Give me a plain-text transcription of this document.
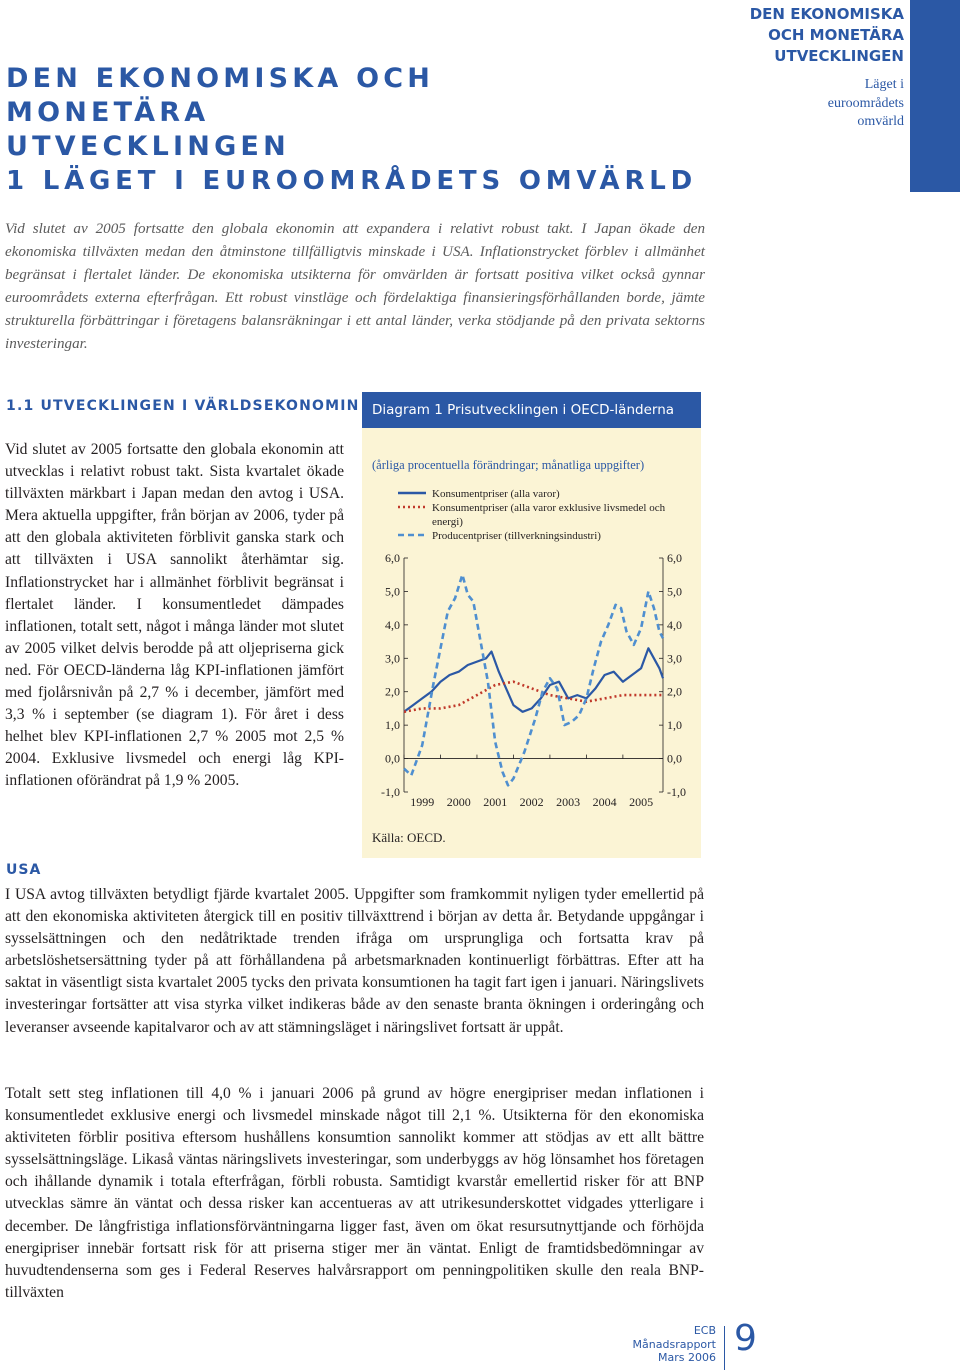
DEN EKONOMISKA OCH MONETÄRA
UTVECKLINGEN
DEN EKONOMISKA
OCH MONETÄRA
UTVECKLINGEN
Läget i
euroområdets
omvärld
1 LÄGET I EUROOMRÅDETS OMVÄRLD
Vid slutet av 2005 fortsatte den globala ekonomin att expandera i relativt robust takt. I Japan ökade den ekonomiska tillväxten medan den åtminstone tillfälligtvis minskade i USA. Inflationstrycket förblev i allmänhet begränsat i flertalet länder. De ekonomiska utsikterna för omvärlden är fortsatt positiva vilket också gynnar euroområdets externa efterfrågan. Ett robust vinstläge och fördelaktiga finansieringsförhållanden borde, jämte strukturella förbättringar i företagens balansräkningar i ett antal länder, verka stödjande på den privata sektorns investeringar.
1.1 UTVECKLINGEN I VÄRLDSEKONOMIN
Vid slutet av 2005 fortsatte den globala ekonomin att utvecklas i relativt robust takt. Sista kvartalet ökade tillväxten märkbart i Japan medan den avtog i USA. Mera aktuella uppgifter, från början av 2006, tyder på att den globala aktiviteten förblivit ganska stark och att tillväxten i USA sannolikt återhämtar sig. Inflationstrycket har i allmänhet förblivit begränsat i flertalet länder. I konsumentledet dämpades inflationen, totalt sett, något i många länder mot slutet av 2005 vilket delvis berodde på att oljepriserna gick ned. För OECD-länderna låg KPI-inflationen jämfört med fjolårsnivån på 2,7 % i december, jämfört med 3,3 % i september (se diagram 1). För året i dess helhet blev KPI-inflationen 2,7 % 2005 mot 2,5 % 2004. Exklusive livsmedel och energi låg KPI-inflationen oförändrat på 1,9 % 2005.
Diagram 1 Prisutvecklingen i OECD-länderna
(årliga procentuella förändringar; månatliga uppgifter)
Konsumentpriser (alla varor)
Konsumentpriser (alla varor exklusive livsmedel och
energi)
Producentpriser (tillverkningsindustri)
-1,0	-1,0
0,0	0,0
1,0	1,0
2,0	2,0
3,0	3,0
4,0	4,0
5,0	5,0
6,0	6,0
1999 2000 2001 2002 2003 2004 2005
Källa: OECD.
USA
I USA avtog tillväxten betydligt fjärde kvartalet 2005. Uppgifter som framkommit nyligen tyder emellertid på att den ekonomiska aktiviteten återgick till en positiv tillväxttrend i början av detta år. Betydande uppgångar i sysselsättningen och den nedåtriktade trenden ifråga om ursprungliga och fortsatta krav på arbetslöshetsersättning tyder på att förhållandena på arbetsmarknaden kontinuerligt förbättras. Efter att ha saktat in väsentligt sista kvartalet 2005 tycks den privata konsumtionen ha tagit fart igen i januari. Näringslivets investeringar fortsätter att visa styrka vilket indikeras både av den senaste branta ökningen i orderingång och leveranser avseende kapitalvaror och av att stämningsläget i näringslivet fortsatt är uppåt.
Totalt sett steg inflationen till 4,0 % i januari 2006 på grund av högre energipriser medan inflationen i konsumentledet exklusive energi och livsmedel minskade något till 2,1 %. Utsikterna för den ekonomiska aktiviteten förblir positiva eftersom hushållens konsumtion sannolikt kommer att stödjas av ett allt bättre sysselsättningsläge. Likaså väntas näringslivets investeringar, som underbyggs av hög lönsamhet hos företagen och ihållande dynamik i totala efterfrågan, förbli robusta. Samtidigt kvarstår emellertid risker för att BNP utvecklas sämre än väntat och dessa risker kan accentueras av att utrikesunderskottet vidgades ytterligare i december. De långfristiga inflationsförväntningarna ligger fast, även om ökat resursutnyttjande och förhöjda energipriser innebär fortsatt risk för att priserna stiger mer än väntat. Enligt de framtidsbedömningar av huvudtendenserna som ges i Federal Reserves halvårsrapport om penningpolitiken skulle den reala BNP-tillväxten
ECB
Månadsrapport
Mars 2006 9
